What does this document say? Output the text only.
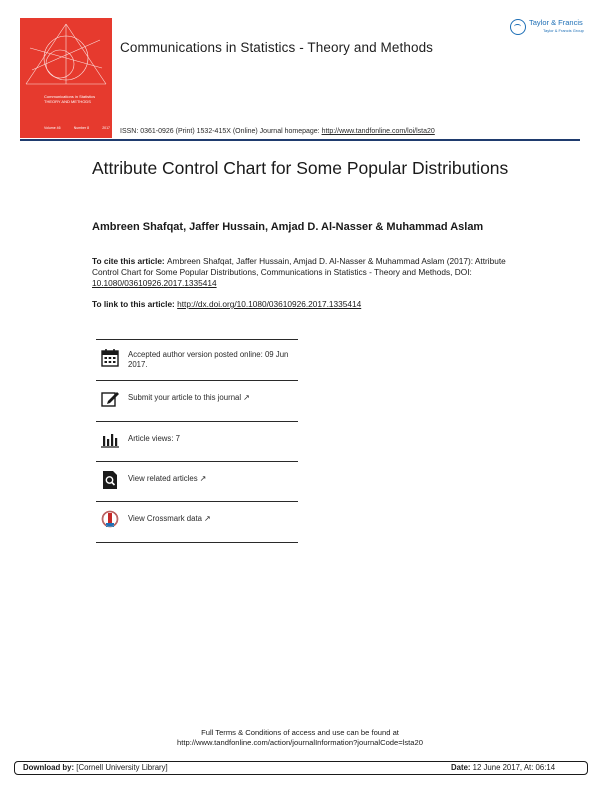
Communications in Statistics THEORY AND METHODS
Volume 46	Number 8	2017
Communications in Statistics - Theory and Methods
Taylor & Francis
Taylor & Francis Group
ISSN: 0361-0926 (Print) 1532-415X (Online) Journal homepage: http://www.tandfonline.com/loi/lsta20
Attribute Control Chart for Some Popular Distributions
Ambreen Shafqat, Jaffer Hussain, Amjad D. Al-Nasser & Muhammad Aslam
To cite this article: Ambreen Shafqat, Jaffer Hussain, Amjad D. Al-Nasser & Muhammad Aslam (2017): Attribute Control Chart for Some Popular Distributions, Communications in Statistics - Theory and Methods, DOI: 10.1080/03610926.2017.1335414
To link to this article: http://dx.doi.org/10.1080/03610926.2017.1335414
Accepted author version posted online: 09 Jun 2017.
Submit your article to this journal ↗
Article views: 7
View related articles ↗
View Crossmark data ↗
Full Terms & Conditions of access and use can be found at
http://www.tandfonline.com/action/journalInformation?journalCode=lsta20
Download by: [Cornell University Library]	Date: 12 June 2017, At: 06:14
